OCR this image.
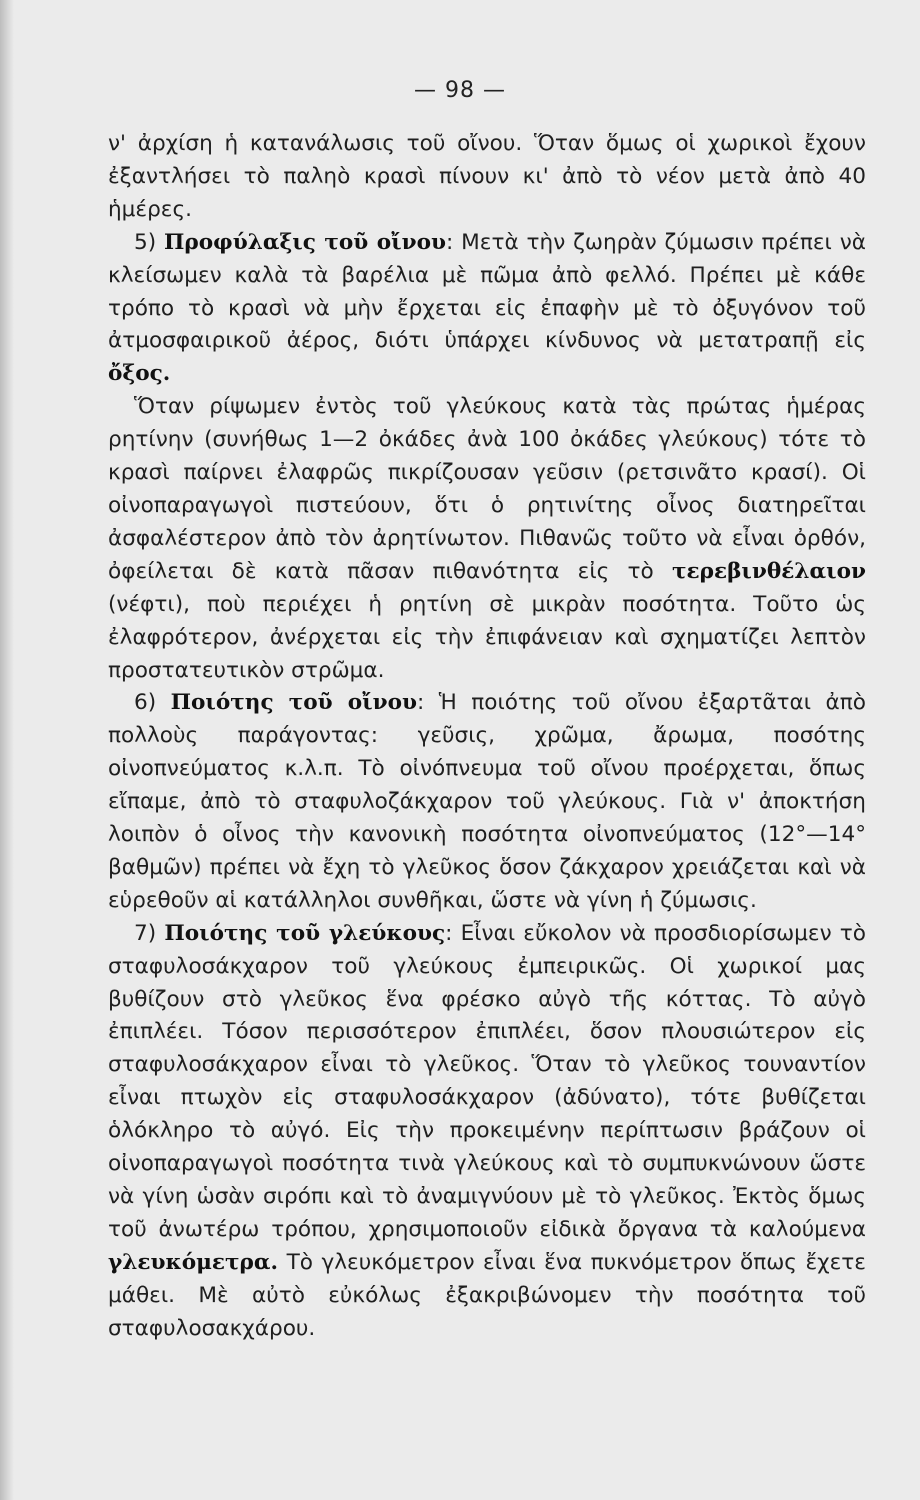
— 98 —

ν' ἀρχίση ἡ κατανάλωσις τοῦ οἴνου. Ὅταν ὅμως οἱ χωρικοὶ ἔχουν ἐξαντλήσει τὸ παληὸ κρασὶ πίνουν κι' ἀπὸ τὸ νέον μετὰ ἀπὸ 40 ἡμέρες.

5) Προφύλαξις τοῦ οἴνου: Μετὰ τὴν ζωηρὰν ζύμωσιν πρέπει νὰ κλείσωμεν καλὰ τὰ βαρέλια μὲ πῶμα ἀπὸ φελλό. Πρέπει μὲ κάθε τρόπο τὸ κρασὶ νὰ μὴν ἔρχεται εἰς ἐπαφὴν μὲ τὸ ὀξυγόνον τοῦ ἀτμοσφαιρικοῦ ἀέρος, διότι ὑπάρχει κίνδυνος νὰ μετατραπῇ εἰς ὄξος.

Ὅταν ρίψωμεν ἐντὸς τοῦ γλεύκους κατὰ τὰς πρώτας ἡμέρας ρητίνην (συνήθως 1—2 ὀκάδες ἀνὰ 100 ὀκάδες γλεύκους) τότε τὸ κρασὶ παίρνει ἐλαφρῶς πικρίζουσαν γεῦσιν (ρετσινᾶτο κρασί). Οἱ οἰνοπαραγωγοὶ πιστεύουν, ὅτι ὁ ρητινίτης οἶνος διατηρεῖται ἀσφαλέστερον ἀπὸ τὸν ἀρητίνωτον. Πιθανῶς τοῦτο νὰ εἶναι ὀρθόν, ὀφείλεται δὲ κατὰ πᾶσαν πιθανότητα εἰς τὸ τερεβινθέλαιον (νέφτι), ποὺ περιέχει ἡ ρητίνη σὲ μικρὰν ποσότητα. Τοῦτο ὡς ἐλαφρότερον, ἀνέρχεται εἰς τὴν ἐπιφάνειαν καὶ σχηματίζει λεπτὸν προστατευτικὸν στρῶμα.

6) Ποιότης τοῦ οἴνου: Ἡ ποιότης τοῦ οἴνου ἐξαρτᾶται ἀπὸ πολλοὺς παράγοντας: γεῦσις, χρῶμα, ἄρωμα, ποσότης οἰνοπνεύματος κ.λ.π. Τὸ οἰνόπνευμα τοῦ οἴνου προέρχεται, ὅπως εἴπαμε, ἀπὸ τὸ σταφυλοζάκχαρον τοῦ γλεύκους. Γιὰ ν' ἀποκτήση λοιπὸν ὁ οἶνος τὴν κανονικὴ ποσότητα οἰνοπνεύματος (12°—14° βαθμῶν) πρέπει νὰ ἔχη τὸ γλεῦκος ὅσον ζάκχαρον χρειάζεται καὶ νὰ εὑρεθοῦν αἱ κατάλληλοι συνθῆκαι, ὥστε νὰ γίνη ἡ ζύμωσις.

7) Ποιότης τοῦ γλεύκους: Εἶναι εὔκολον νὰ προσδιορίσωμεν τὸ σταφυλοσάκχαρον τοῦ γλεύκους ἐμπειρικῶς. Οἱ χωρικοί μας βυθίζουν στὸ γλεῦκος ἕνα φρέσκο αὐγὸ τῆς κόττας. Τὸ αὐγὸ ἐπιπλέει. Τόσον περισσότερον ἐπιπλέει, ὅσον πλουσιώτερον εἰς σταφυλοσάκχαρον εἶναι τὸ γλεῦκος. Ὅταν τὸ γλεῦκος τουναντίον εἶναι πτωχὸν εἰς σταφυλοσάκχαρον (ἀδύνατο), τότε βυθίζεται ὁλόκληρο τὸ αὐγό. Εἰς τὴν προκειμένην περίπτωσιν βράζουν οἱ οἰνοπαραγωγοὶ ποσότητα τινὰ γλεύκους καὶ τὸ συμπυκνώνουν ὥστε νὰ γίνη ὡσὰν σιρόπι καὶ τὸ ἀναμιγνύουν μὲ τὸ γλεῦκος. Ἐκτὸς ὅμως τοῦ ἀνωτέρω τρόπου, χρησιμοποιοῦν εἰδικὰ ὄργανα τὰ καλούμενα γλευκόμετρα. Τὸ γλευκόμετρον εἶναι ἕνα πυκνόμετρον ὅπως ἔχετε μάθει. Μὲ αὐτὸ εὐκόλως ἐξακριβώνομεν τὴν ποσότητα τοῦ σταφυλοσακχάρου.
